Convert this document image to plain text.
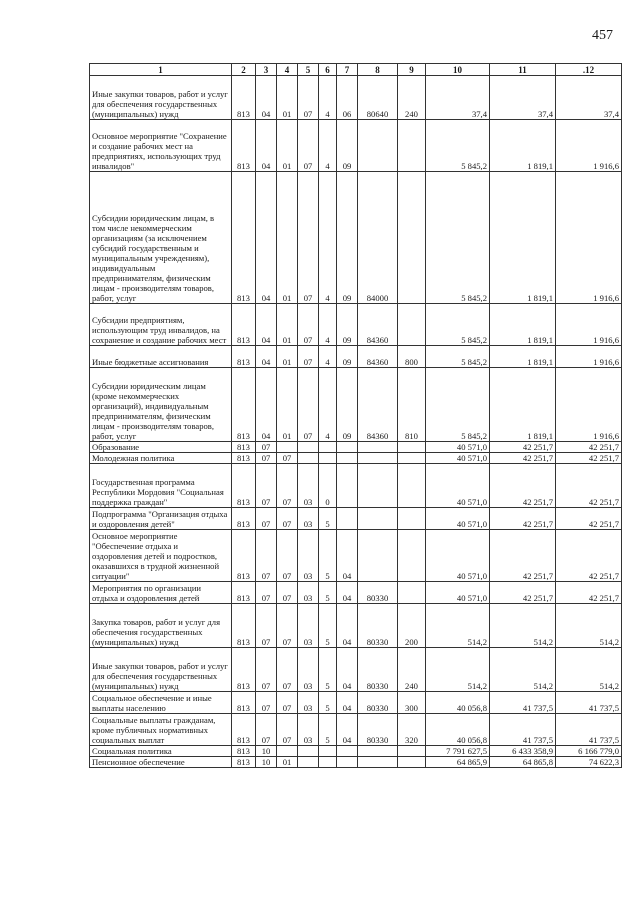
457
1	2	3	4	5	6	7	8	9	10	11	.12
Иные закупки товаров, работ и услуг для обеспечения государственных (муниципальных) нужд	813	04	01	07	4	06	80640	240	37,4	37,4	37,4
Основное мероприятие "Сохранение и создание рабочих мест на предприятиях, использующих труд инвалидов"	813	04	01	07	4	09			5 845,2	1 819,1	1 916,6
Субсидии юридическим лицам, в том числе некоммерческим организациям (за исключением субсидий государственным и муниципальным учреждениям), индивидуальным предпринимателям, физическим лицам - производителям товаров, работ, услуг	813	04	01	07	4	09	84000		5 845,2	1 819,1	1 916,6
Субсидии предприятиям, использующим труд инвалидов, на сохранение и создание рабочих мест	813	04	01	07	4	09	84360		5 845,2	1 819,1	1 916,6
Иные бюджетные ассигнования	813	04	01	07	4	09	84360	800	5 845,2	1 819,1	1 916,6
Субсидии юридическим лицам (кроме некоммерческих организаций), индивидуальным предпринимателям, физическим лицам - производителям товаров, работ, услуг	813	04	01	07	4	09	84360	810	5 845,2	1 819,1	1 916,6
Образование	813	07							40 571,0	42 251,7	42 251,7
Молодежная политика	813	07	07						40 571,0	42 251,7	42 251,7
Государственная программа Республики Мордовия "Социальная поддержка граждан"	813	07	07	03	0				40 571,0	42 251,7	42 251,7
Подпрограмма "Организация отдыха и оздоровления детей"	813	07	07	03	5				40 571,0	42 251,7	42 251,7
Основное мероприятие "Обеспечение отдыха и оздоровления детей и подростков, оказавшихся в трудной жизненной ситуации"	813	07	07	03	5	04			40 571,0	42 251,7	42 251,7
Мероприятия по организации отдыха и оздоровления детей	813	07	07	03	5	04	80330		40 571,0	42 251,7	42 251,7
Закупка товаров, работ и услуг для обеспечения государственных (муниципальных) нужд	813	07	07	03	5	04	80330	200	514,2	514,2	514,2
Иные закупки товаров, работ и услуг для обеспечения государственных (муниципальных) нужд	813	07	07	03	5	04	80330	240	514,2	514,2	514,2
Социальное обеспечение и иные выплаты населению	813	07	07	03	5	04	80330	300	40 056,8	41 737,5	41 737,5
Социальные выплаты гражданам, кроме публичных нормативных социальных выплат	813	07	07	03	5	04	80330	320	40 056,8	41 737,5	41 737,5
Социальная политика	813	10							7 791 627,5	6 433 358,9	6 166 779,0
Пенсионное обеспечение	813	10	01						64 865,9	64 865,8	74 622,3
